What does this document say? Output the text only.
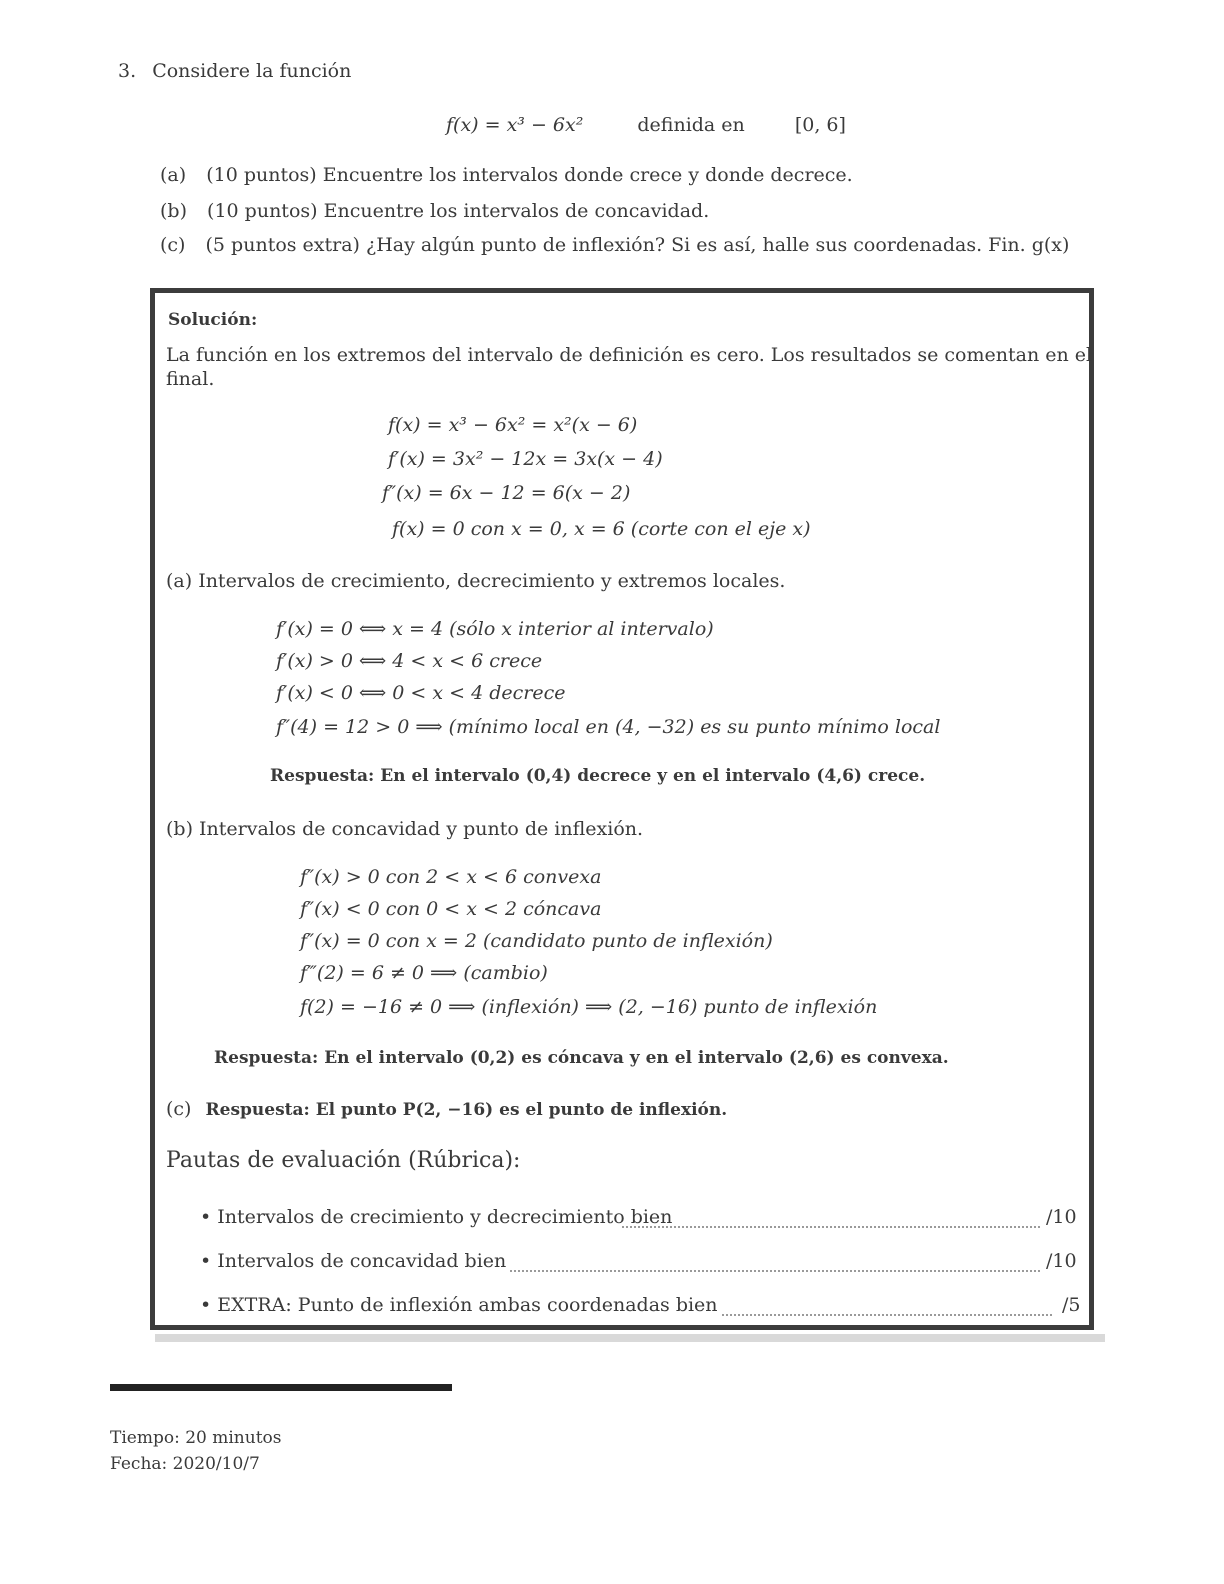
3. Considere la función
f(x) = x³ − 6x²	definida en	[0, 6]
(a) (10 puntos) Encuentre los intervalos donde crece y donde decrece.
(b) (10 puntos) Encuentre los intervalos de concavidad.
(c) (5 puntos extra) ¿Hay algún punto de inflexión? Si es así, halle sus coordenadas. Fin. g(x)
Solución:
La función en los extremos del intervalo de definición es cero. Los resultados se comentan en el
final.
f(x) = x³ − 6x² = x²(x − 6)
f′(x) = 3x² − 12x = 3x(x − 4)
f″(x) = 6x − 12 = 6(x − 2)
f(x) = 0 con x = 0, x = 6 (corte con el eje x)
(a) Intervalos de crecimiento, decrecimiento y extremos locales.
f′(x) = 0 ⟺ x = 4 (sólo x interior al intervalo)
f′(x) > 0 ⟺ 4 < x < 6 crece
f′(x) < 0 ⟺ 0 < x < 4 decrece
f″(4) = 12 > 0 ⟹ (mínimo local en (4, −32) es su punto mínimo local
Respuesta: En el intervalo (0,4) decrece y en el intervalo (4,6) crece.
(b) Intervalos de concavidad y punto de inflexión.
f″(x) > 0 con 2 < x < 6 convexa
f″(x) < 0 con 0 < x < 2 cóncava
f″(x) = 0 con x = 2 (candidato punto de inflexión)
f‴(2) = 6 ≠ 0 ⟹ (cambio)
f(2) = −16 ≠ 0 ⟹ (inflexión) ⟹ (2, −16) punto de inflexión
Respuesta: En el intervalo (0,2) es cóncava y en el intervalo (2,6) es convexa.
(c) Respuesta: El punto P(2, −16) es el punto de inflexión.
Pautas de evaluación (Rúbrica):
• Intervalos de crecimiento y decrecimiento bien	/10
• Intervalos de concavidad bien	/10
• EXTRA: Punto de inflexión ambas coordenadas bien	/5
Tiempo: 20 minutos
Fecha: 2020/10/7
